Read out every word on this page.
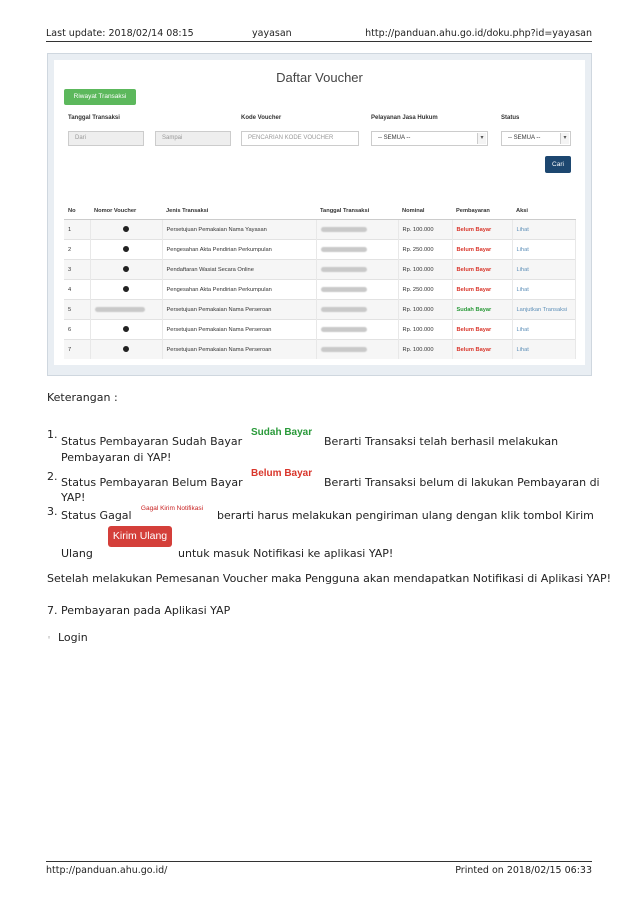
Last update: 2018/02/14 08:15	yayasan	http://panduan.ahu.go.id/doku.php?id=yayasan
Daftar Voucher
Riwayat Transaksi
Tanggal Transaksi
Dari	Sampai
Kode Voucher
PENCARIAN KODE VOUCHER
Pelayanan Jasa Hukum
-- SEMUA --	▾
Status
-- SEMUA --	▾
Cari
No	Nomor Voucher	Jenis Transaksi	Tanggal Transaksi	Nominal	Pembayaran	Aksi
1		Persetujuan Pemakaian Nama Yayasan		Rp. 100.000	Belum Bayar	Lihat
2		Pengesahan Akta Pendirian Perkumpulan		Rp. 250.000	Belum Bayar	Lihat
3		Pendaftaran Wasiat Secara Online		Rp. 100.000	Belum Bayar	Lihat
4		Pengesahan Akta Pendirian Perkumpulan		Rp. 250.000	Belum Bayar	Lihat
5		Persetujuan Pemakaian Nama Perseroan		Rp. 100.000	Sudah Bayar	Lanjutkan Transaksi
6		Persetujuan Pemakaian Nama Perseroan		Rp. 100.000	Belum Bayar	Lihat
7		Persetujuan Pemakaian Nama Perseroan		Rp. 100.000	Belum Bayar	Lihat
Keterangan :
1.
Status Pembayaran Sudah Bayar
Sudah Bayar
Berarti Transaksi telah berhasil melakukan
Pembayaran di YAP!
2. Status Pembayaran Belum Bayar
Belum Bayar
Berarti Transaksi belum di lakukan Pembayaran di
YAP!
3. Status Gagal
Gagal Kirim Notifikasi
berarti harus melakukan pengiriman ulang dengan klik tombol Kirim
Ulang
Kirim Ulang
untuk masuk Notifikasi ke aplikasi YAP!
Setelah melakukan Pemesanan Voucher maka Pengguna akan mendapatkan Notifikasi di Aplikasi YAP!
7. Pembayaran pada Aplikasi YAP
◦ Login
http://panduan.ahu.go.id/	Printed on 2018/02/15 06:33
